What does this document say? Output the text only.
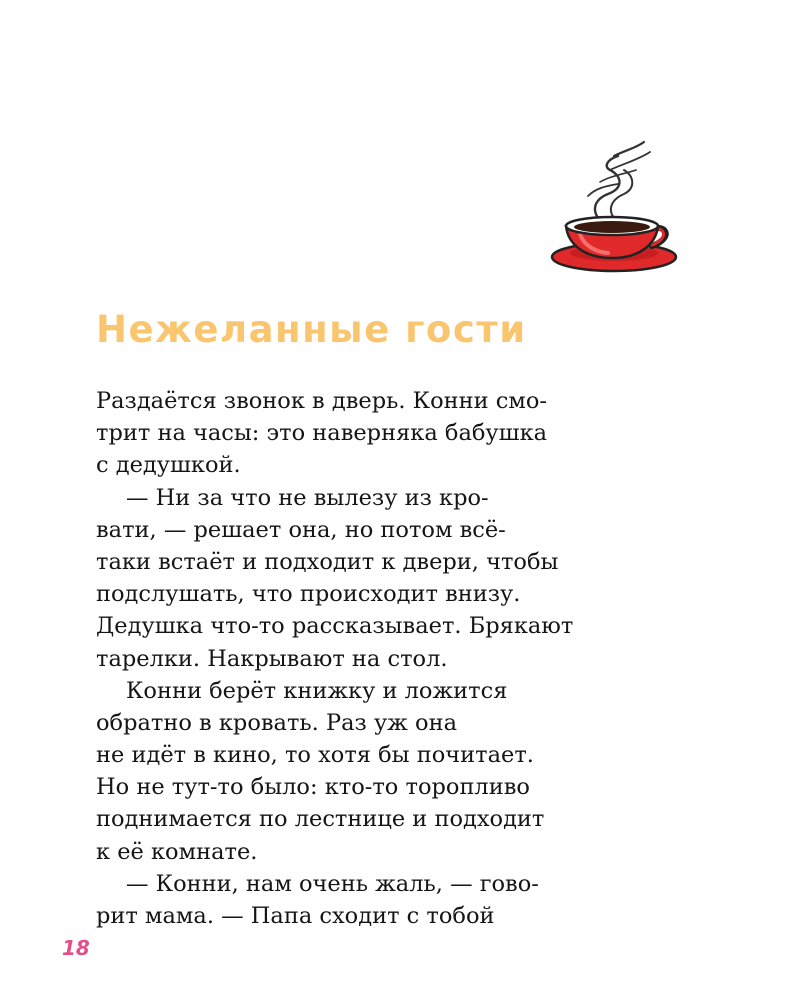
Нежеланные гости
Раздаётся звонок в дверь. Конни смо-
трит на часы: это наверняка бабушка
с дедушкой.
— Ни за что не вылезу из кро-
вати, — решает она, но потом всё-
таки встаёт и подходит к двери, чтобы
подслушать, что происходит внизу.
Дедушка что-то рассказывает. Брякают
тарелки. Накрывают на стол.
Конни берёт книжку и ложится
обратно в кровать. Раз уж она
не идёт в кино, то хотя бы почитает.
Но не тут-то было: кто-то торопливо
поднимается по лестнице и подходит
к её комнате.
— Конни, нам очень жаль, — гово-
рит мама. — Папа сходит с тобой
18
